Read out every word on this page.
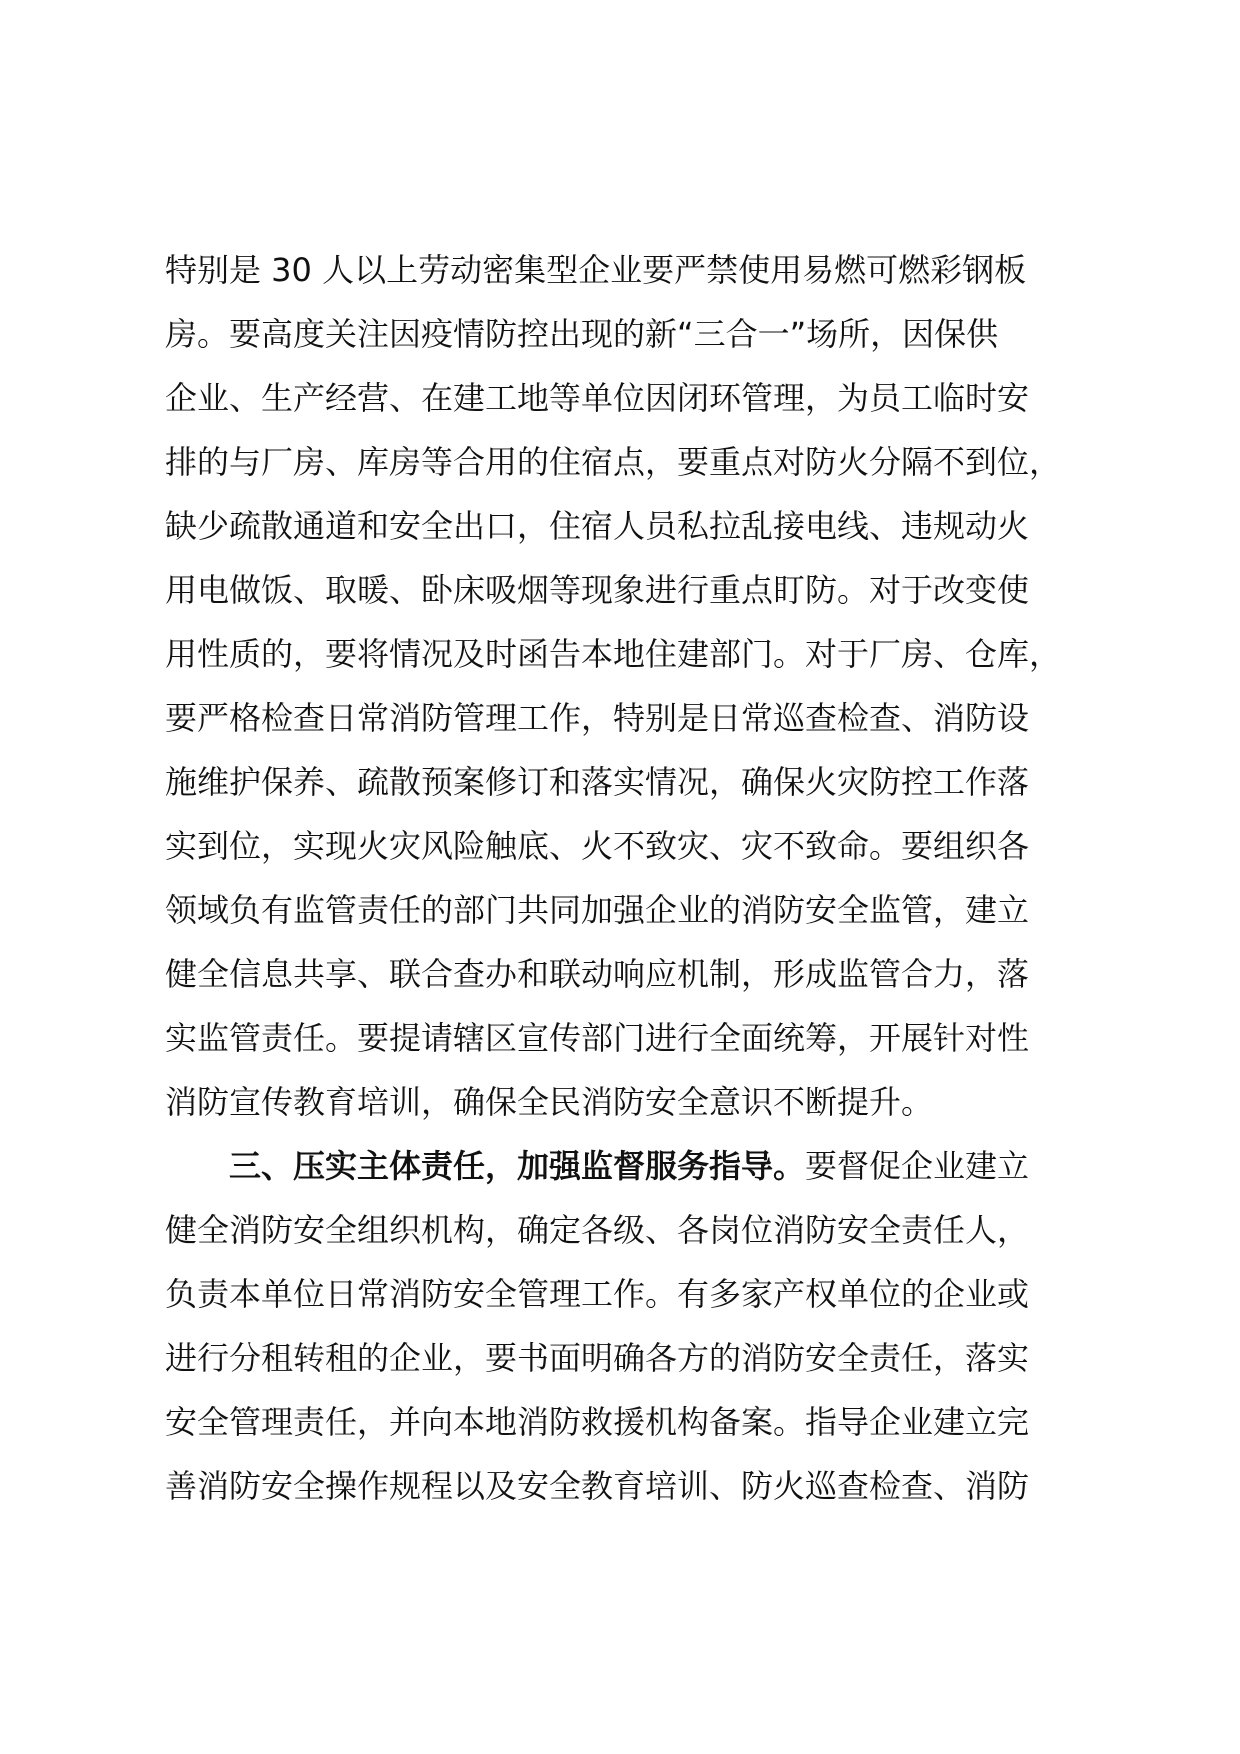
特别是 30 人以上劳动密集型企业要严禁使用易燃可燃彩钢板
房。要高度关注因疫情防控出现的新“三合一”场所，因保供
企业、生产经营、在建工地等单位因闭环管理，为员工临时安
排的与厂房、库房等合用的住宿点，要重点对防火分隔不到位，
缺少疏散通道和安全出口，住宿人员私拉乱接电线、违规动火
用电做饭、取暖、卧床吸烟等现象进行重点盯防。对于改变使
用性质的，要将情况及时函告本地住建部门。对于厂房、仓库，
要严格检查日常消防管理工作，特别是日常巡查检查、消防设
施维护保养、疏散预案修订和落实情况，确保火灾防控工作落
实到位，实现火灾风险触底、火不致灾、灾不致命。要组织各
领域负有监管责任的部门共同加强企业的消防安全监管，建立
健全信息共享、联合查办和联动响应机制，形成监管合力，落
实监管责任。要提请辖区宣传部门进行全面统筹，开展针对性
消防宣传教育培训，确保全民消防安全意识不断提升。
三、压实主体责任，加强监督服务指导。要督促企业建立
健全消防安全组织机构，确定各级、各岗位消防安全责任人，
负责本单位日常消防安全管理工作。有多家产权单位的企业或
进行分租转租的企业，要书面明确各方的消防安全责任，落实
安全管理责任，并向本地消防救援机构备案。指导企业建立完
善消防安全操作规程以及安全教育培训、防火巡查检查、消防
